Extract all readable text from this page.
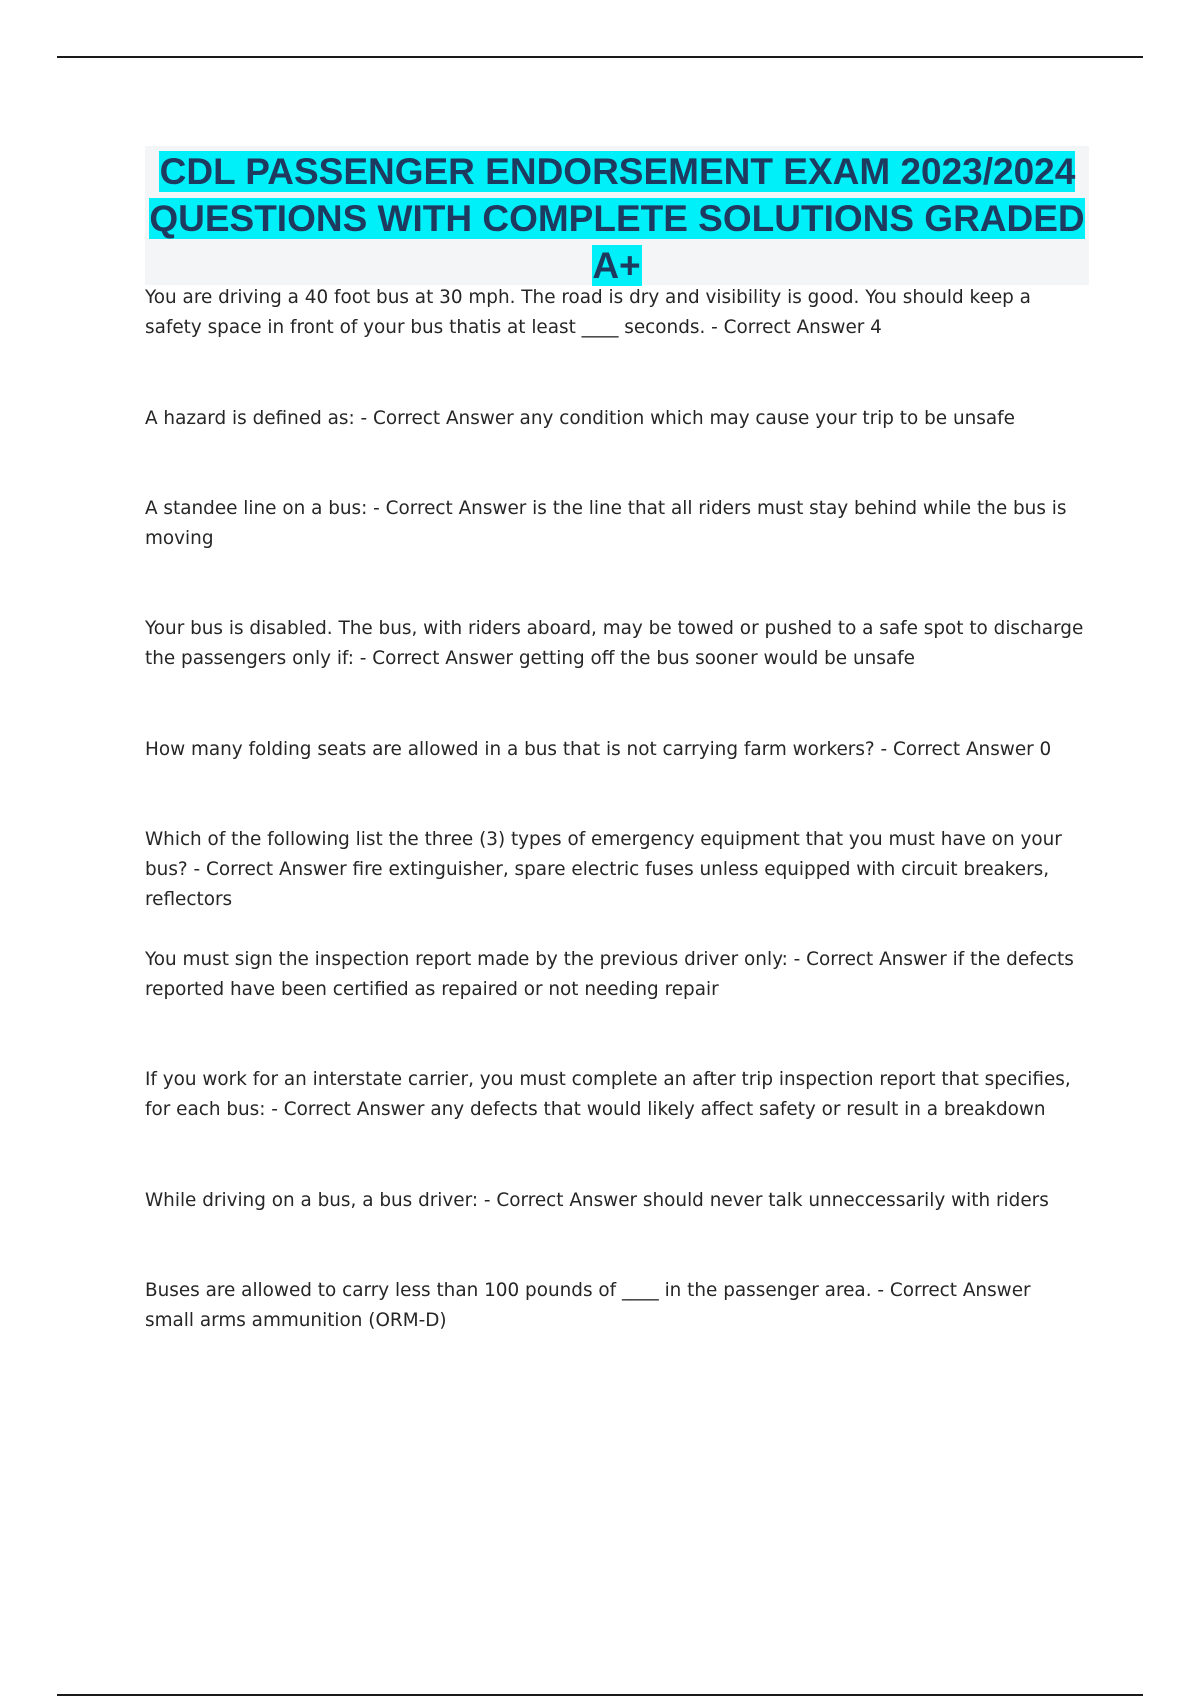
CDL PASSENGER ENDORSEMENT EXAM 2023/2024 QUESTIONS WITH COMPLETE SOLUTIONS GRADED A+

You are driving a 40 foot bus at 30 mph. The road is dry and visibility is good. You should keep a safety space in front of your bus thatis at least ____ seconds. - Correct Answer 4

A hazard is defined as: - Correct Answer any condition which may cause your trip to be unsafe

A standee line on a bus: - Correct Answer is the line that all riders must stay behind while the bus is moving

Your bus is disabled. The bus, with riders aboard, may be towed or pushed to a safe spot to discharge the passengers only if: - Correct Answer getting off the bus sooner would be unsafe

How many folding seats are allowed in a bus that is not carrying farm workers? - Correct Answer 0

Which of the following list the three (3) types of emergency equipment that you must have on your bus? - Correct Answer fire extinguisher, spare electric fuses unless equipped with circuit breakers, reflectors

You must sign the inspection report made by the previous driver only: - Correct Answer if the defects reported have been certified as repaired or not needing repair

If you work for an interstate carrier, you must complete an after trip inspection report that specifies, for each bus: - Correct Answer any defects that would likely affect safety or result in a breakdown

While driving on a bus, a bus driver: - Correct Answer should never talk unneccessarily with riders

Buses are allowed to carry less than 100 pounds of ____ in the passenger area. - Correct Answer small arms ammunition (ORM-D)
